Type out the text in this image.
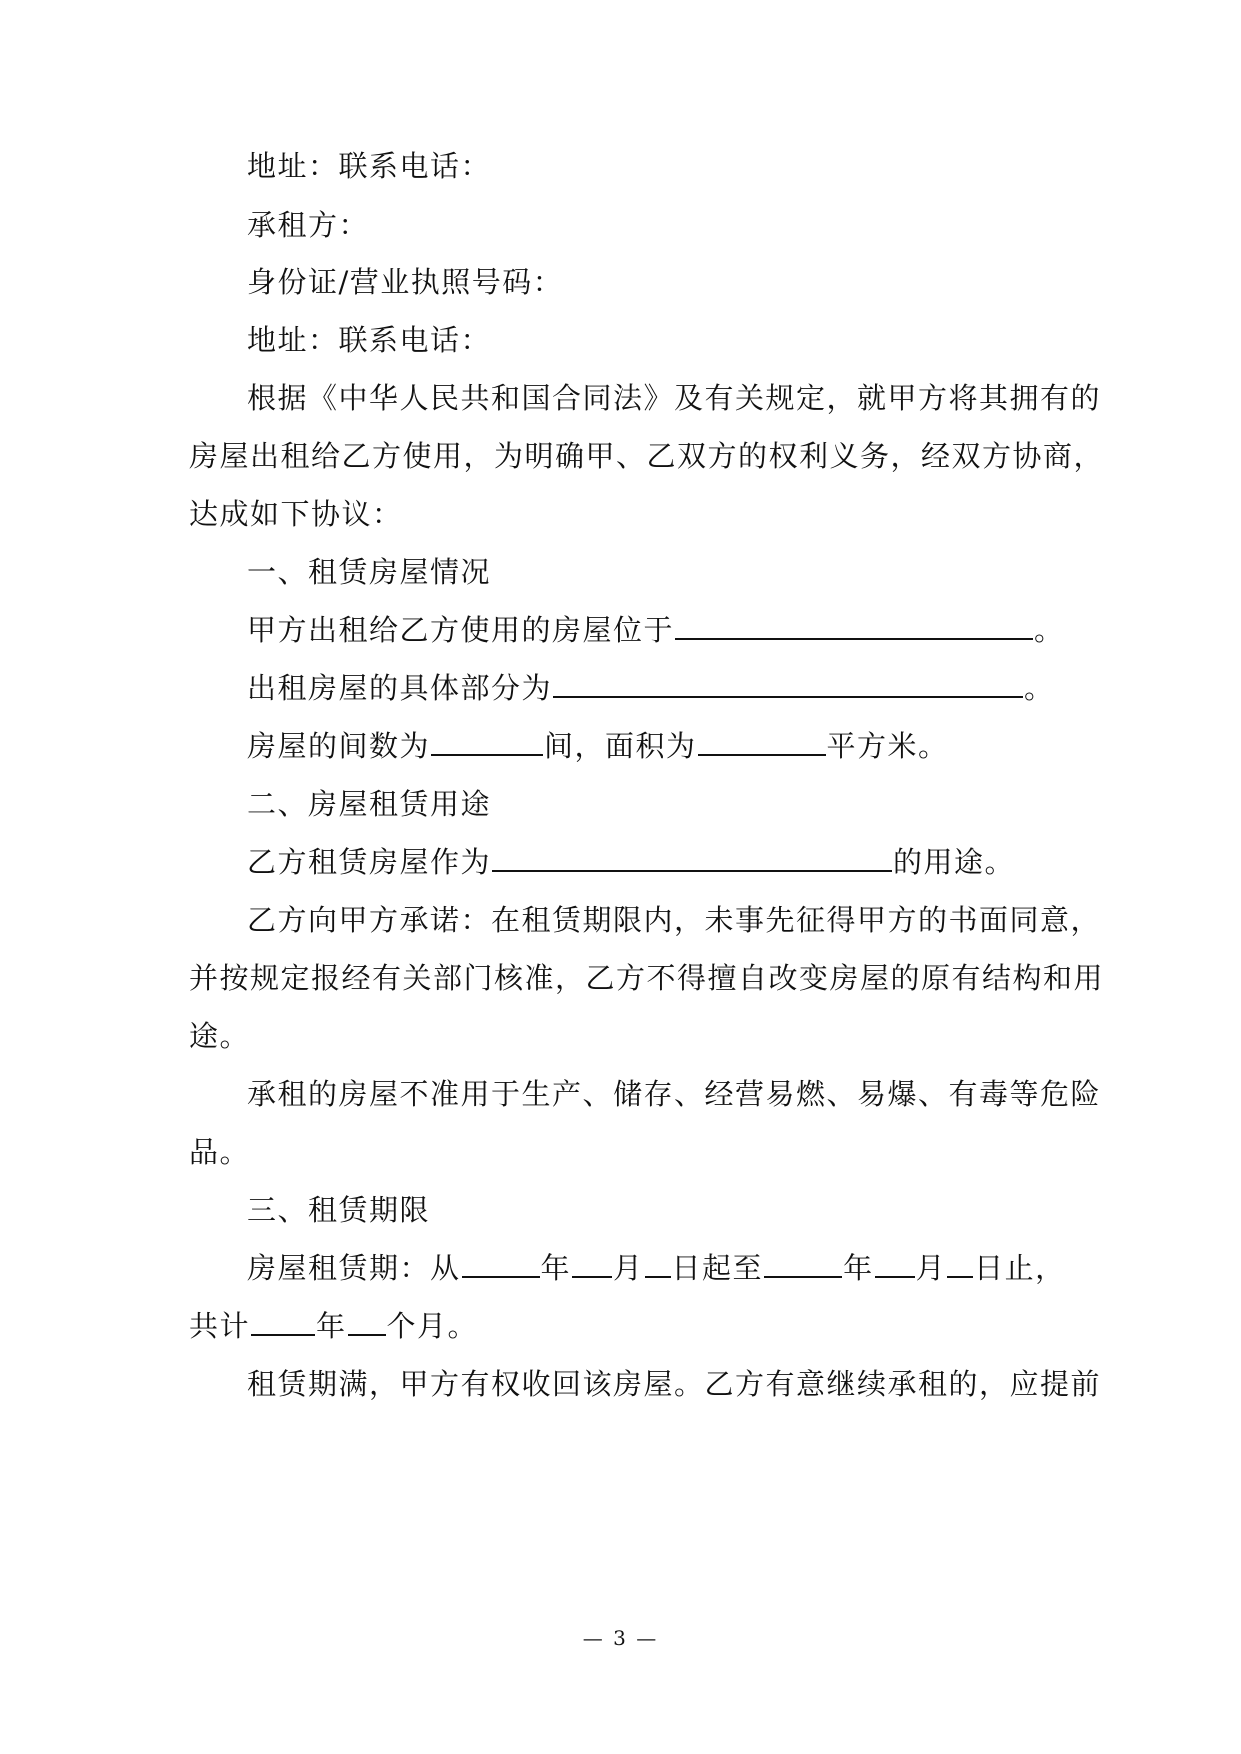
地址：联系电话：
承租方：
身份证/营业执照号码：
地址：联系电话：
根据《中华人民共和国合同法》及有关规定，就甲方将其拥有的
房屋出租给乙方使用，为明确甲、乙双方的权利义务，经双方协商，
达成如下协议：
一、租赁房屋情况
甲方出租给乙方使用的房屋位于	。
出租房屋的具体部分为	。
房屋的间数为	间，面积为	平方米。
二、房屋租赁用途
乙方租赁房屋作为	的用途。
乙方向甲方承诺：在租赁期限内，未事先征得甲方的书面同意，
并按规定报经有关部门核准，乙方不得擅自改变房屋的原有结构和用
途。
承租的房屋不准用于生产、储存、经营易燃、易爆、有毒等危险
品。
三、租赁期限
房屋租赁期：从	年 月 日起至	年 月 日止，
共计 年 个月。
租赁期满，甲方有权收回该房屋。乙方有意继续承租的，应提前
— 3 —
